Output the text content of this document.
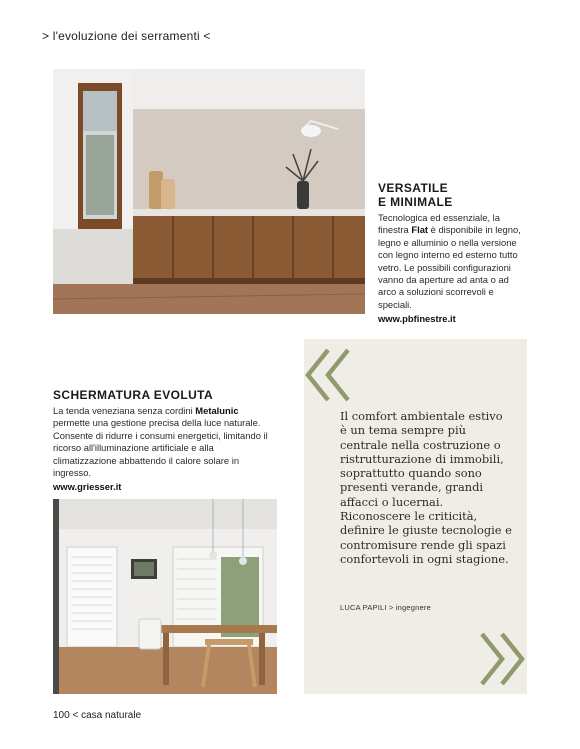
> l'evoluzione dei serramenti <
VERSATILE
E MINIMALE
Tecnologica ed essenziale, la finestra Flat è disponibile in legno, legno e alluminio o nella versione con legno interno ed esterno tutto vetro. Le possibili configurazioni vanno da aperture ad anta o ad arco a soluzioni scorrevoli e speciali.
www.pbfinestre.it
SCHERMATURA EVOLUTA
La tenda veneziana senza cordini Metalunic permette una gestione precisa della luce naturale. Consente di ridurre i consumi energetici, limitando il ricorso all'illuminazione artificiale e alla climatizzazione abbattendo il calore solare in ingresso.
www.griesser.it
Il comfort ambientale estivo è un tema sempre più centrale nella costruzione o ristrutturazione di immobili, soprattutto quando sono presenti verande, grandi affacci o lucernai. Riconoscere le criticità, definire le giuste tecnologie e contromisure rende gli spazi confortevoli in ogni stagione.
LUCA PAPILI > ingegnere
100 < casa naturale
